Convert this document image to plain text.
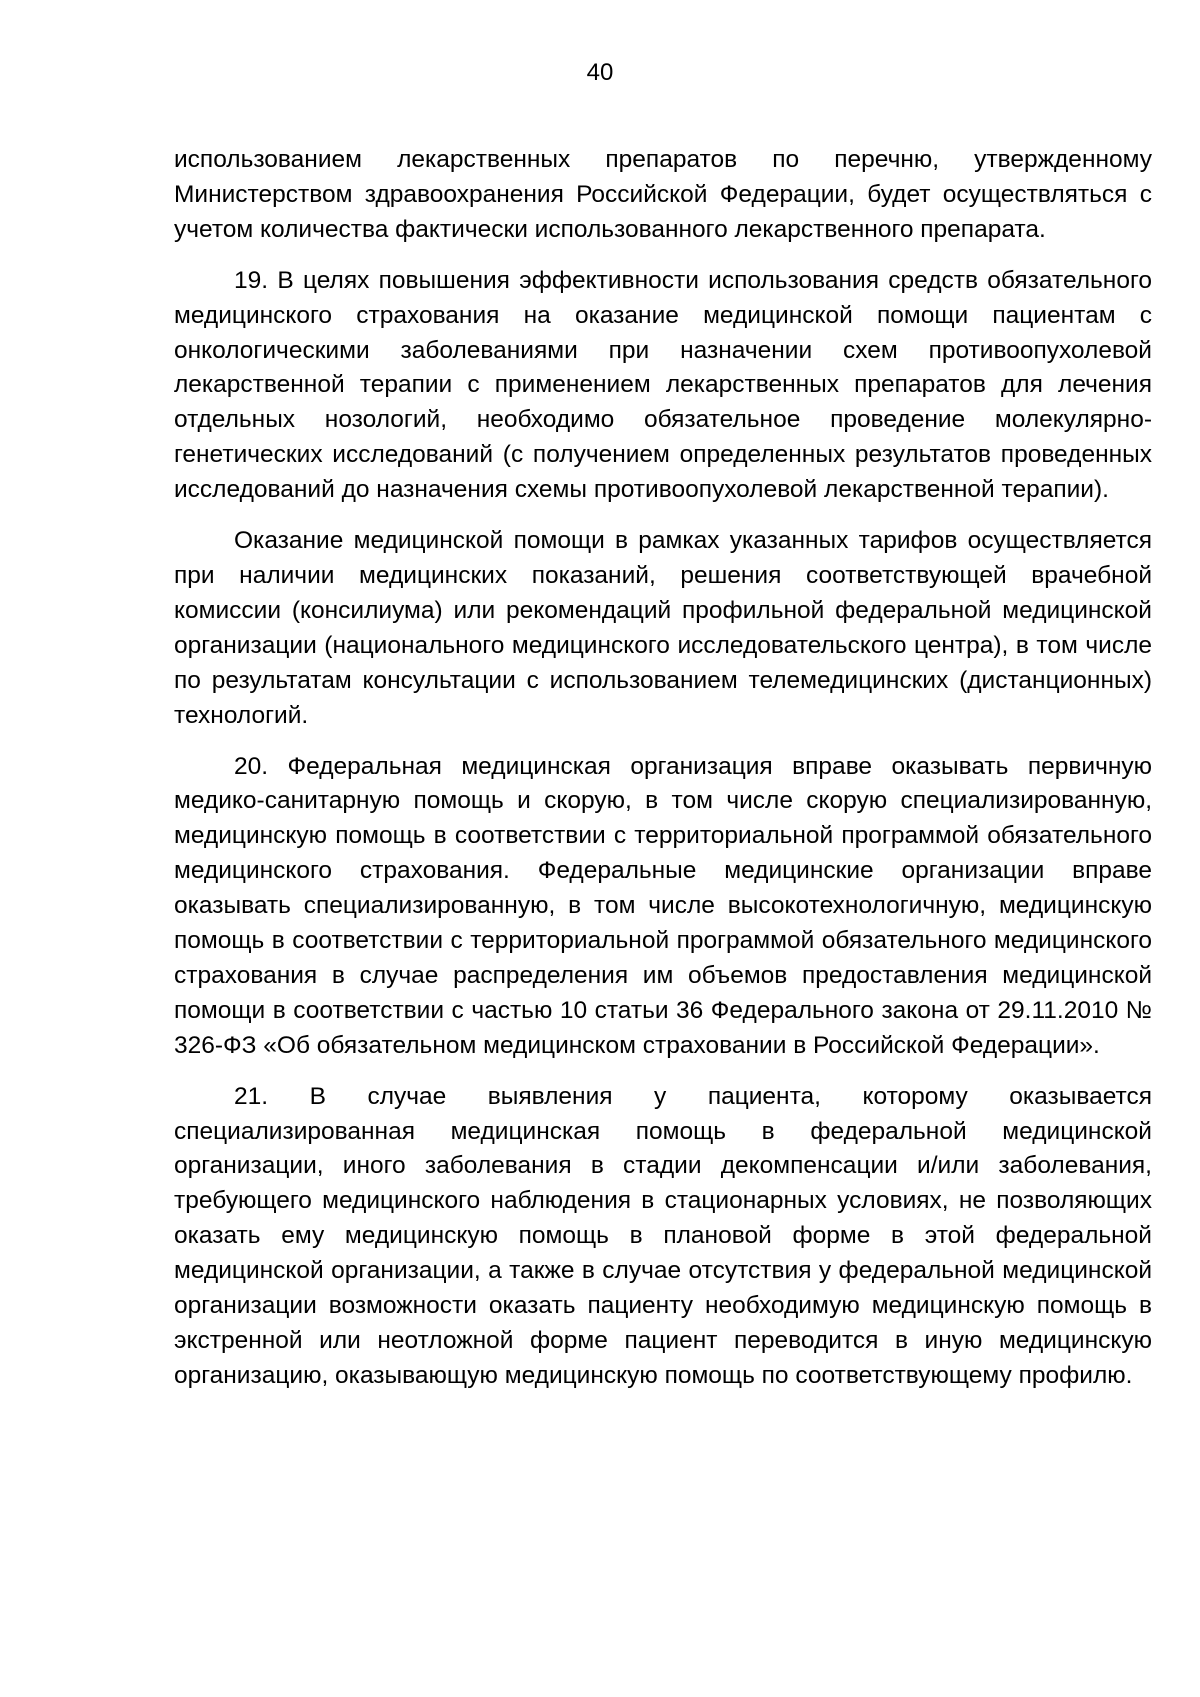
40

использованием лекарственных препаратов по перечню, утвержденному Министерством здравоохранения Российской Федерации, будет осуществляться с учетом количества фактически использованного лекарственного препарата.

19. В целях повышения эффективности использования средств обязательного медицинского страхования на оказание медицинской помощи пациентам с онкологическими заболеваниями при назначении схем противоопухолевой лекарственной терапии с применением лекарственных препаратов для лечения отдельных нозологий, необходимо обязательное проведение молекулярно-генетических исследований (с получением определенных результатов проведенных исследований до назначения схемы противоопухолевой лекарственной терапии).

Оказание медицинской помощи в рамках указанных тарифов осуществляется при наличии медицинских показаний, решения соответствующей врачебной комиссии (консилиума) или рекомендаций профильной федеральной медицинской организации (национального медицинского исследовательского центра), в том числе по результатам консультации с использованием телемедицинских (дистанционных) технологий.

20. Федеральная медицинская организация вправе оказывать первичную медико-санитарную помощь и скорую, в том числе скорую специализированную, медицинскую помощь в соответствии с территориальной программой обязательного медицинского страхования. Федеральные медицинские организации вправе оказывать специализированную, в том числе высокотехнологичную, медицинскую помощь в соответствии с территориальной программой обязательного медицинского страхования в случае распределения им объемов предоставления медицинской помощи в соответствии с частью 10 статьи 36 Федерального закона от 29.11.2010 № 326-ФЗ «Об обязательном медицинском страховании в Российской Федерации».

21. В случае выявления у пациента, которому оказывается специализированная медицинская помощь в федеральной медицинской организации, иного заболевания в стадии декомпенсации и/или заболевания, требующего медицинского наблюдения в стационарных условиях, не позволяющих оказать ему медицинскую помощь в плановой форме в этой федеральной медицинской организации, а также в случае отсутствия у федеральной медицинской организации возможности оказать пациенту необходимую медицинскую помощь в экстренной или неотложной форме пациент переводится в иную медицинскую организацию, оказывающую медицинскую помощь по соответствующему профилю.
